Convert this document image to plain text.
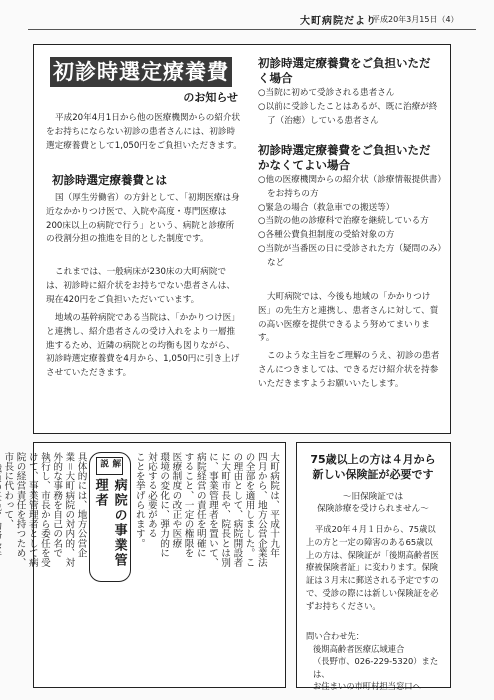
大町病院だより
平成20年3月15日（4）
初診時選定療養費
のお知らせ
平成20年4月1日から他の医療機関からの紹介状をお持ちにならない初診の患者さんには、初診時選定療養費として1,050円をご負担いただきます。
初診時選定療養費とは
国（厚生労働省）の方針として、「初期医療は身近なかかりつけ医で、入院や高度・専門医療は200床以上の病院で行う」という、病院と診療所の役割分担の推進を目的とした制度です。
これまでは、一般病床が230床の大町病院では、初診時に紹介状をお持ちでない患者さんは、現在420円をご負担いただいています。
地域の基幹病院である当院は、「かかりつけ医」と連携し、紹介患者さんの受け入れをより一層推進するため、近隣の病院との均衡も図りながら、初診時選定療養費を4月から、1,050円に引き上げさせていただきます。
初診時選定療養費をご負担いただく場合
○当院に初めて受診される患者さん
○以前に受診したことはあるが、既に治療が終了（治癒）している患者さん
初診時選定療養費をご負担いただかなくてよい場合
○他の医療機関からの紹介状（診療情報提供書）をお持ちの方
○緊急の場合（救急車での搬送等）
○当院の他の診療科で治療を継続している方
○各種公費負担制度の受給対象の方
○当院が当番医の日に受診された方（疑問のみ）など
大町病院では、今後も地域の「かかりつけ医」の先生方と連携し、患者さんに対して、質の高い医療を提供できるよう努めてまいります。
このような主旨をご理解のうえ、初診の患者さんにつきましては、できるだけ紹介状を持参いただきますようお願いいたします。
大町病院は、平成十九年
四月から、地方公営企業法
の全部を適用しました。こ
の理由として、病院開設者
に大町市長や、院長とは別
に、事業管理者を置いて、
病院経営の責任を明確に
すること、一定の権限を
医療制度の改正や医療
環境の変化に、弾力的に
対応する必要がある
ことを挙げられます。
解説
病院の事業管理者
具体的には、地方公営企
業＝大町病院の対内的、対
外的な事務を自己の名で
執行し、市長から委任を受
けて、事業管理者として病
院の経営責任を持つため、
市長に代わって、	75歳以上の方は４月から
新しい保険証が必要です
～旧保険証では
保険診療を受けられません～
平成20年４月１日から、75歳以上の方と一定の障害のある65歳以上の方は、保険証が「後期高齢者医療被保険者証」に変わります。保険証は３月末に郵送される予定ですので、受診の際には新しい保険証を必ずお持ちください。
問い合わせ先：
後期高齢者医療広域連合
（長野市、026-229-5320）または、
お住まいの市町村担当窓口へ
